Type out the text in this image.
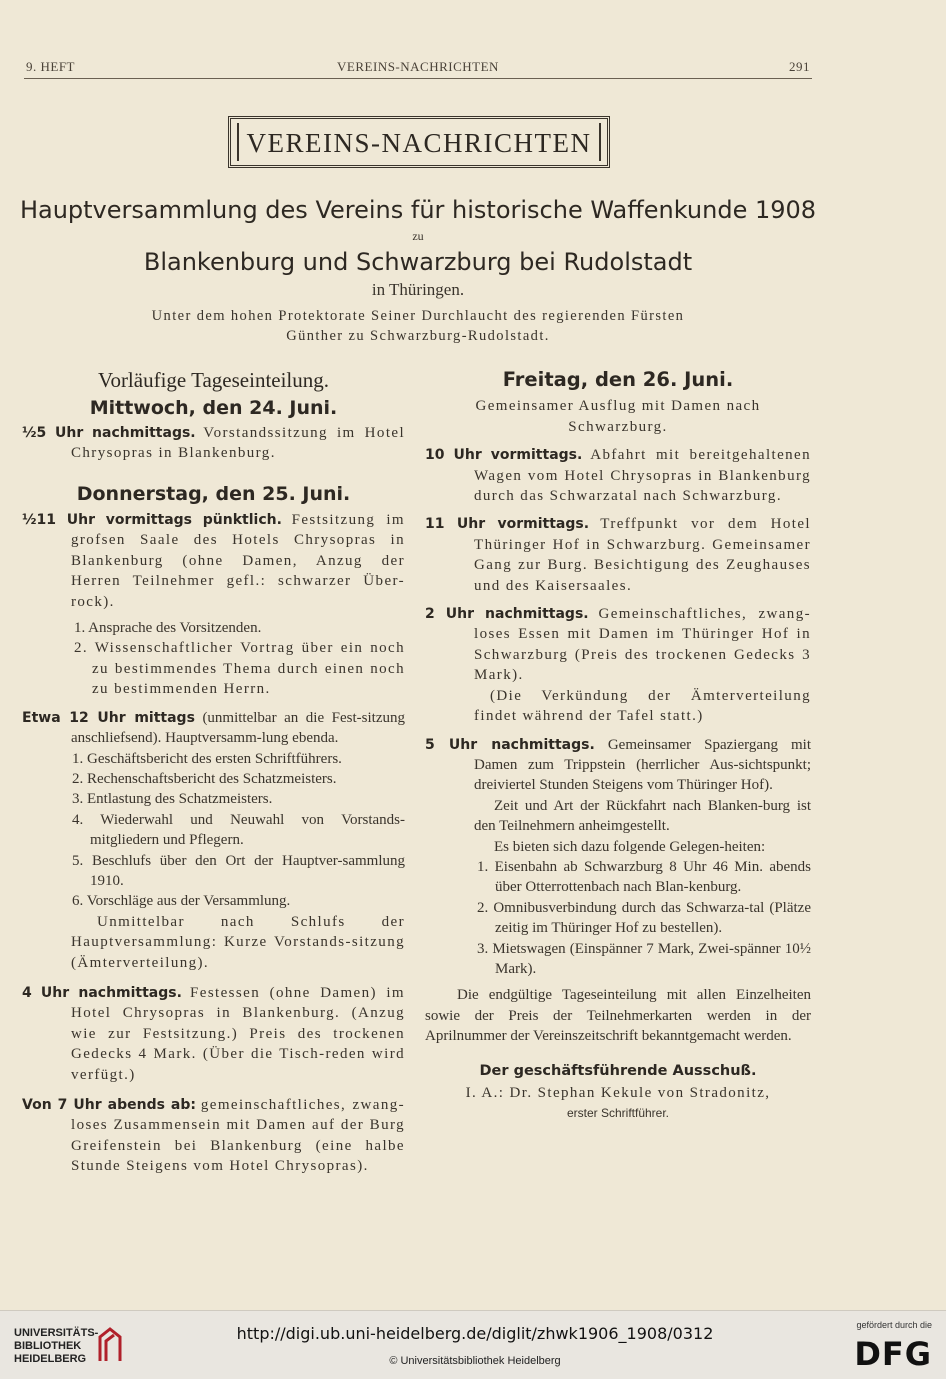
9. HEFT	VEREINS-NACHRICHTEN	291
VEREINS-NACHRICHTEN
Hauptversammlung des Vereins für historische Waffenkunde 1908
zu
Blankenburg und Schwarzburg bei Rudolstadt
in Thüringen.
Unter dem hohen Protektorate Seiner Durchlaucht des regierenden Fürsten
Günther zu Schwarzburg-Rudolstadt.
Vorläufige Tageseinteilung.
Mittwoch, den 24. Juni.

½5 Uhr nachmittags. Vorstandssitzung im Hotel Chrysopras in Blankenburg.

Donnerstag, den 25. Juni.

½11 Uhr vormittags pünktlich. Festsitzung im grofsen Saale des Hotels Chrysopras in Blankenburg (ohne Damen, Anzug der Herren Teilnehmer gefl.: schwarzer Über-rock).

1. Ansprache des Vorsitzenden.

2. Wissenschaftlicher Vortrag über ein noch zu bestimmendes Thema durch einen noch zu bestimmenden Herrn.

Etwa 12 Uhr mittags (unmittelbar an die Fest-sitzung anschliefsend). Hauptversamm-lung ebenda.

1. Geschäftsbericht des ersten Schriftführers.

2. Rechenschaftsbericht des Schatzmeisters.

3. Entlastung des Schatzmeisters.

4. Wiederwahl und Neuwahl von Vorstands-mitgliedern und Pflegern.

5. Beschlufs über den Ort der Hauptver-sammlung 1910.

6. Vorschläge aus der Versammlung.

Unmittelbar nach Schlufs der Hauptversammlung: Kurze Vorstands-sitzung (Ämterverteilung).

4 Uhr nachmittags. Festessen (ohne Damen) im Hotel Chrysopras in Blankenburg. (Anzug wie zur Festsitzung.) Preis des trockenen Gedecks 4 Mark. (Über die Tisch-reden wird verfügt.)

Von 7 Uhr abends ab: gemeinschaftliches, zwang-loses Zusammensein mit Damen auf der Burg Greifenstein bei Blankenburg (eine halbe Stunde Steigens vom Hotel Chrysopras).

Freitag, den 26. Juni.

Gemeinsamer Ausflug mit Damen nach Schwarzburg.

10 Uhr vormittags. Abfahrt mit bereitgehaltenen Wagen vom Hotel Chrysopras in Blankenburg durch das Schwarzatal nach Schwarzburg.

11 Uhr vormittags. Treffpunkt vor dem Hotel Thüringer Hof in Schwarzburg. Gemeinsamer Gang zur Burg. Besichtigung des Zeughauses und des Kaisersaales.

2 Uhr nachmittags. Gemeinschaftliches, zwang-loses Essen mit Damen im Thüringer Hof in Schwarzburg (Preis des trockenen Gedecks 3 Mark).

(Die Verkündung der Ämterverteilung findet während der Tafel statt.)

5 Uhr nachmittags. Gemeinsamer Spaziergang mit Damen zum Trippstein (herrlicher Aus-sichtspunkt; dreiviertel Stunden Steigens vom Thüringer Hof).

Zeit und Art der Rückfahrt nach Blanken-burg ist den Teilnehmern anheimgestellt.

Es bieten sich dazu folgende Gelegen-heiten:

1. Eisenbahn ab Schwarzburg 8 Uhr 46 Min. abends über Otterrottenbach nach Blan-kenburg.

2. Omnibusverbindung durch das Schwarza-tal (Plätze zeitig im Thüringer Hof zu bestellen).

3. Mietswagen (Einspänner 7 Mark, Zwei-spänner 10½ Mark).

Die endgültige Tageseinteilung mit allen Einzelheiten sowie der Preis der Teilnehmerkarten werden in der Aprilnummer der Vereinszeitschrift bekanntgemacht werden.

Der geschäftsführende Ausschuß.
I. A.: Dr. Stephan Kekule von Stradonitz,
erster Schriftführer.
UNIVERSITÄTS-
BIBLIOTHEK
HEIDELBERG
http://digi.ub.uni-heidelberg.de/diglit/zhwk1906_1908/0312
© Universitätsbibliothek Heidelberg
gefördert durch die
DFG
